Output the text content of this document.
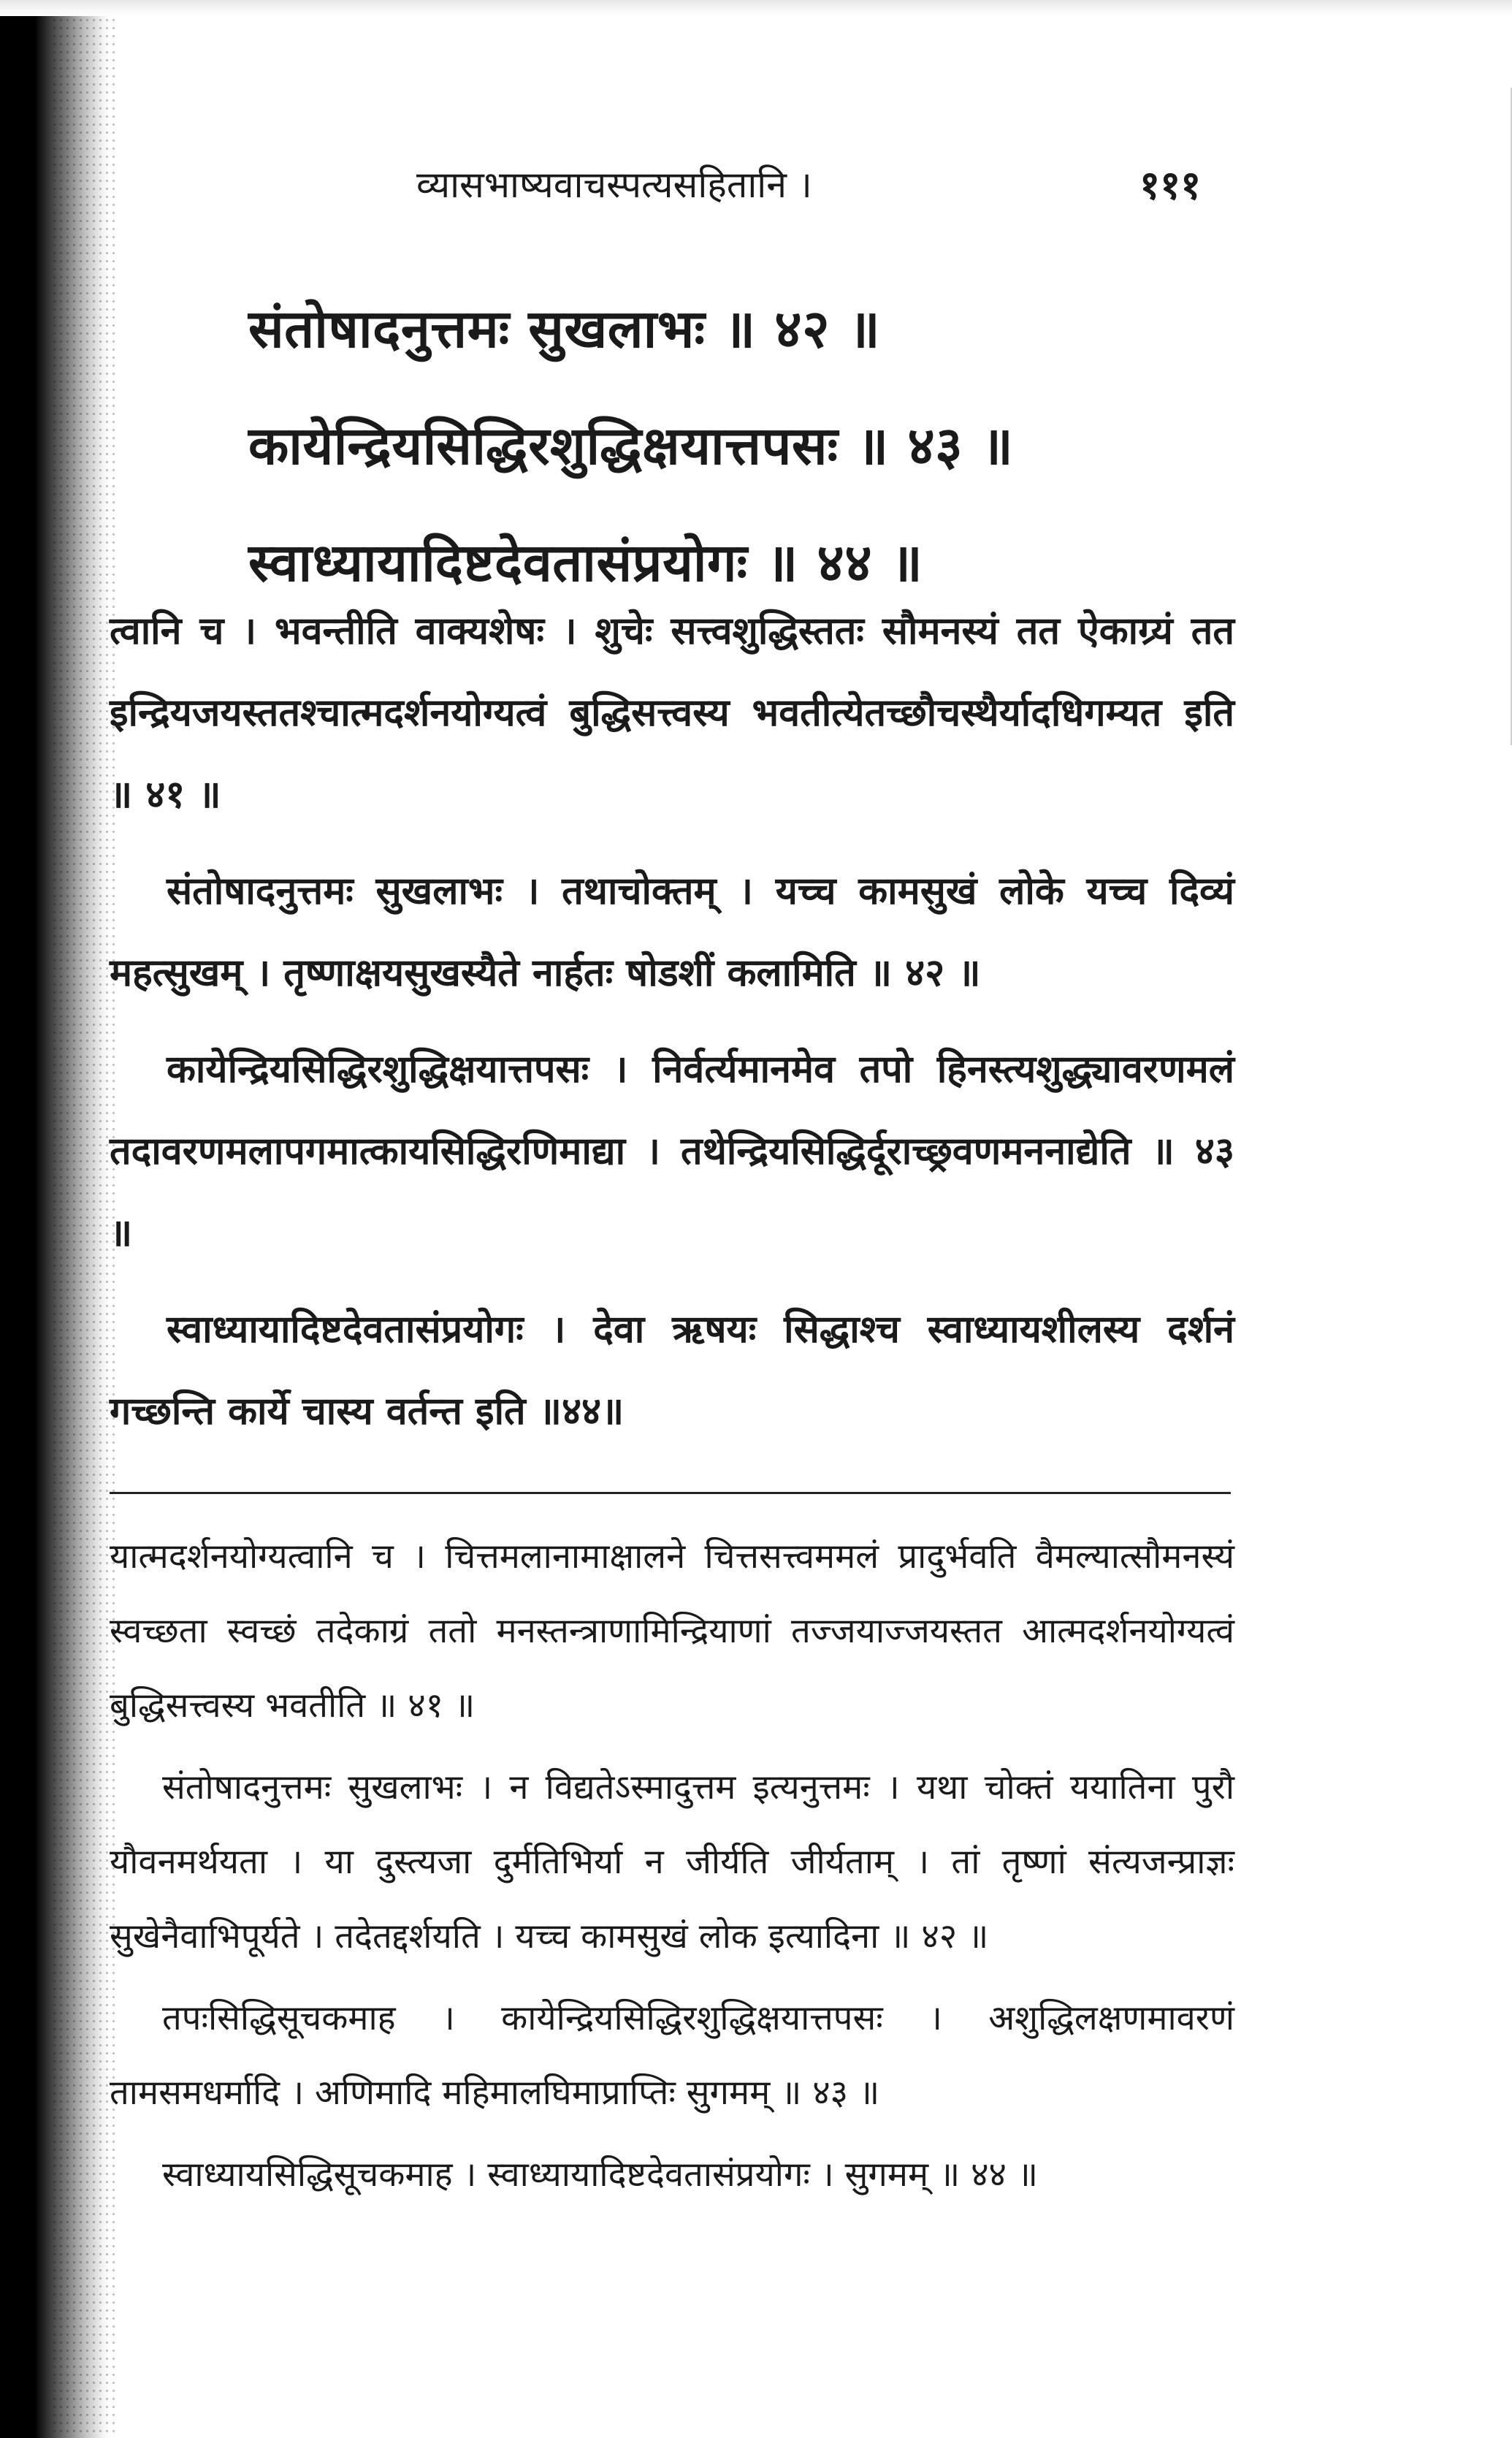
व्यासभाष्यवाचस्पत्यसहितानि ।	१११
संतोषादनुत्तमः सुखलाभः ॥ ४२ ॥
कायेन्द्रियसिद्धिरशुद्धिक्षयात्तपसः ॥ ४३ ॥
स्वाध्यायादिष्टदेवतासंप्रयोगः ॥ ४४ ॥

त्वानि च । भवन्तीति वाक्यशेषः । शुचेः सत्त्वशुद्धिस्ततः सौमनस्यं तत ऐकाग्र्यं तत इन्द्रियजयस्ततश्चात्मदर्शनयोग्यत्वं बुद्धिसत्त्वस्य भवतीत्येतच्छौचस्थैर्यादधिगम्यत इति ॥ ४१ ॥

संतोषादनुत्तमः सुखलाभः । तथाचोक्तम् । यच्च कामसुखं लोके यच्च दिव्यं महत्सुखम् । तृष्णाक्षयसुखस्यैते नार्हतः षोडशीं कलामिति ॥ ४२ ॥

कायेन्द्रियसिद्धिरशुद्धिक्षयात्तपसः । निर्वर्त्यमानमेव तपो हिनस्त्यशुद्ध्यावरणमलं तदावरणमलापगमात्कायसिद्धिरणिमाद्या । तथेन्द्रियसिद्धिर्दूराच्छ्रवणमननाद्येति ॥ ४३ ॥

स्वाध्यायादिष्टदेवतासंप्रयोगः । देवा ऋषयः सिद्धाश्च स्वाध्यायशीलस्य दर्शनं गच्छन्ति कार्ये चास्य वर्तन्त इति ॥४४॥

यात्मदर्शनयोग्यत्वानि च । चित्तमलानामाक्षालने चित्तसत्त्वममलं प्रादुर्भवति वैमल्यात्सौमनस्यं स्वच्छता स्वच्छं तदेकाग्रं ततो मनस्तन्त्राणामिन्द्रियाणां तज्जयाज्जयस्तत आत्मदर्शनयोग्यत्वं बुद्धिसत्त्वस्य भवतीति ॥ ४१ ॥

संतोषादनुत्तमः सुखलाभः । न विद्यतेऽस्मादुत्तम इत्यनुत्तमः । यथा चोक्तं ययातिना पुरौ यौवनमर्थयता । या दुस्त्यजा दुर्मतिभिर्या न जीर्यति जीर्यताम् । तां तृष्णां संत्यजन्प्राज्ञः सुखेनैवाभिपूर्यते । तदेतद्दर्शयति । यच्च कामसुखं लोक इत्यादिना ॥ ४२ ॥

तपःसिद्धिसूचकमाह । कायेन्द्रियसिद्धिरशुद्धिक्षयात्तपसः । अशुद्धिलक्षणमावरणं तामसमधर्मादि । अणिमादि महिमालघिमाप्राप्तिः सुगमम् ॥ ४३ ॥

स्वाध्यायसिद्धिसूचकमाह । स्वाध्यायादिष्टदेवतासंप्रयोगः । सुगमम् ॥ ४४ ॥
